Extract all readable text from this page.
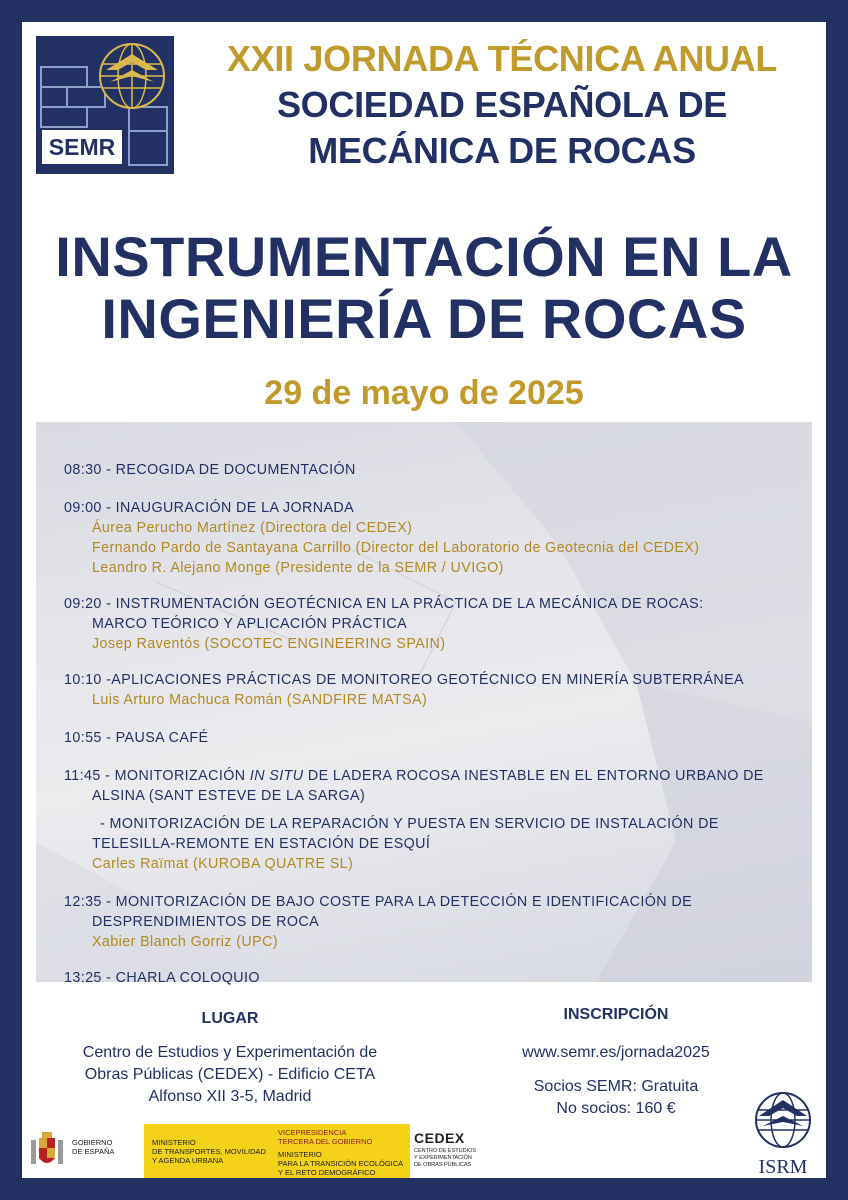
SEMR
XXII JORNADA TÉCNICA ANUAL
SOCIEDAD ESPAÑOLA DE
MECÁNICA DE ROCAS
INSTRUMENTACIÓN EN LA
INGENIERÍA DE ROCAS
29 de mayo de 2025
08:30 - RECOGIDA DE DOCUMENTACIÓN
09:00 - INAUGURACIÓN DE LA JORNADA
Áurea Perucho Martínez (Directora del CEDEX)
Fernando Pardo de Santayana Carrillo (Director del Laboratorio de Geotecnia del CEDEX)
Leandro R. Alejano Monge (Presidente de la SEMR / UVIGO)
09:20 - INSTRUMENTACIÓN GEOTÉCNICA EN LA PRÁCTICA DE LA MECÁNICA DE ROCAS:
MARCO TEÓRICO Y APLICACIÓN PRÁCTICA
Josep Raventós (SOCOTEC ENGINEERING SPAIN)
10:10 -APLICACIONES PRÁCTICAS DE MONITOREO GEOTÉCNICO EN MINERÍA SUBTERRÁNEA
Luis Arturo Machuca Román (SANDFIRE MATSA)
10:55 - PAUSA CAFÉ
11:45 - MONITORIZACIÓN IN SITU DE LADERA ROCOSA INESTABLE EN EL ENTORNO URBANO DE
ALSINA (SANT ESTEVE DE LA SARGA)
- MONITORIZACIÓN DE LA REPARACIÓN Y PUESTA EN SERVICIO DE INSTALACIÓN DE
TELESILLA-REMONTE EN ESTACIÓN DE ESQUÍ
Carles Raïmat (KUROBA QUATRE SL)
12:35 - MONITORIZACIÓN DE BAJO COSTE PARA LA DETECCIÓN E IDENTIFICACIÓN DE
DESPRENDIMIENTOS DE ROCA
Xabier Blanch Gorriz (UPC)
13:25 - CHARLA COLOQUIO
LUGAR
Centro de Estudios y Experimentación de
Obras Públicas (CEDEX) - Edificio CETA
Alfonso XII 3-5, Madrid
INSCRIPCIÓN
www.semr.es/jornada2025
Socios SEMR: Gratuita
No socios: 160 €
GOBIERNO
DE ESPAÑA
MINISTERIO
DE TRANSPORTES, MOVILIDAD
Y AGENDA URBANA
VICEPRESIDENCIA
TERCERA DEL GOBIERNO
MINISTERIO
PARA LA TRANSICIÓN ECOLÓGICA
Y EL RETO DEMOGRÁFICO
CEDEX
CENTRO DE ESTUDIOS
Y EXPERIMENTACIÓN
DE OBRAS PÚBLICAS	ISRM
